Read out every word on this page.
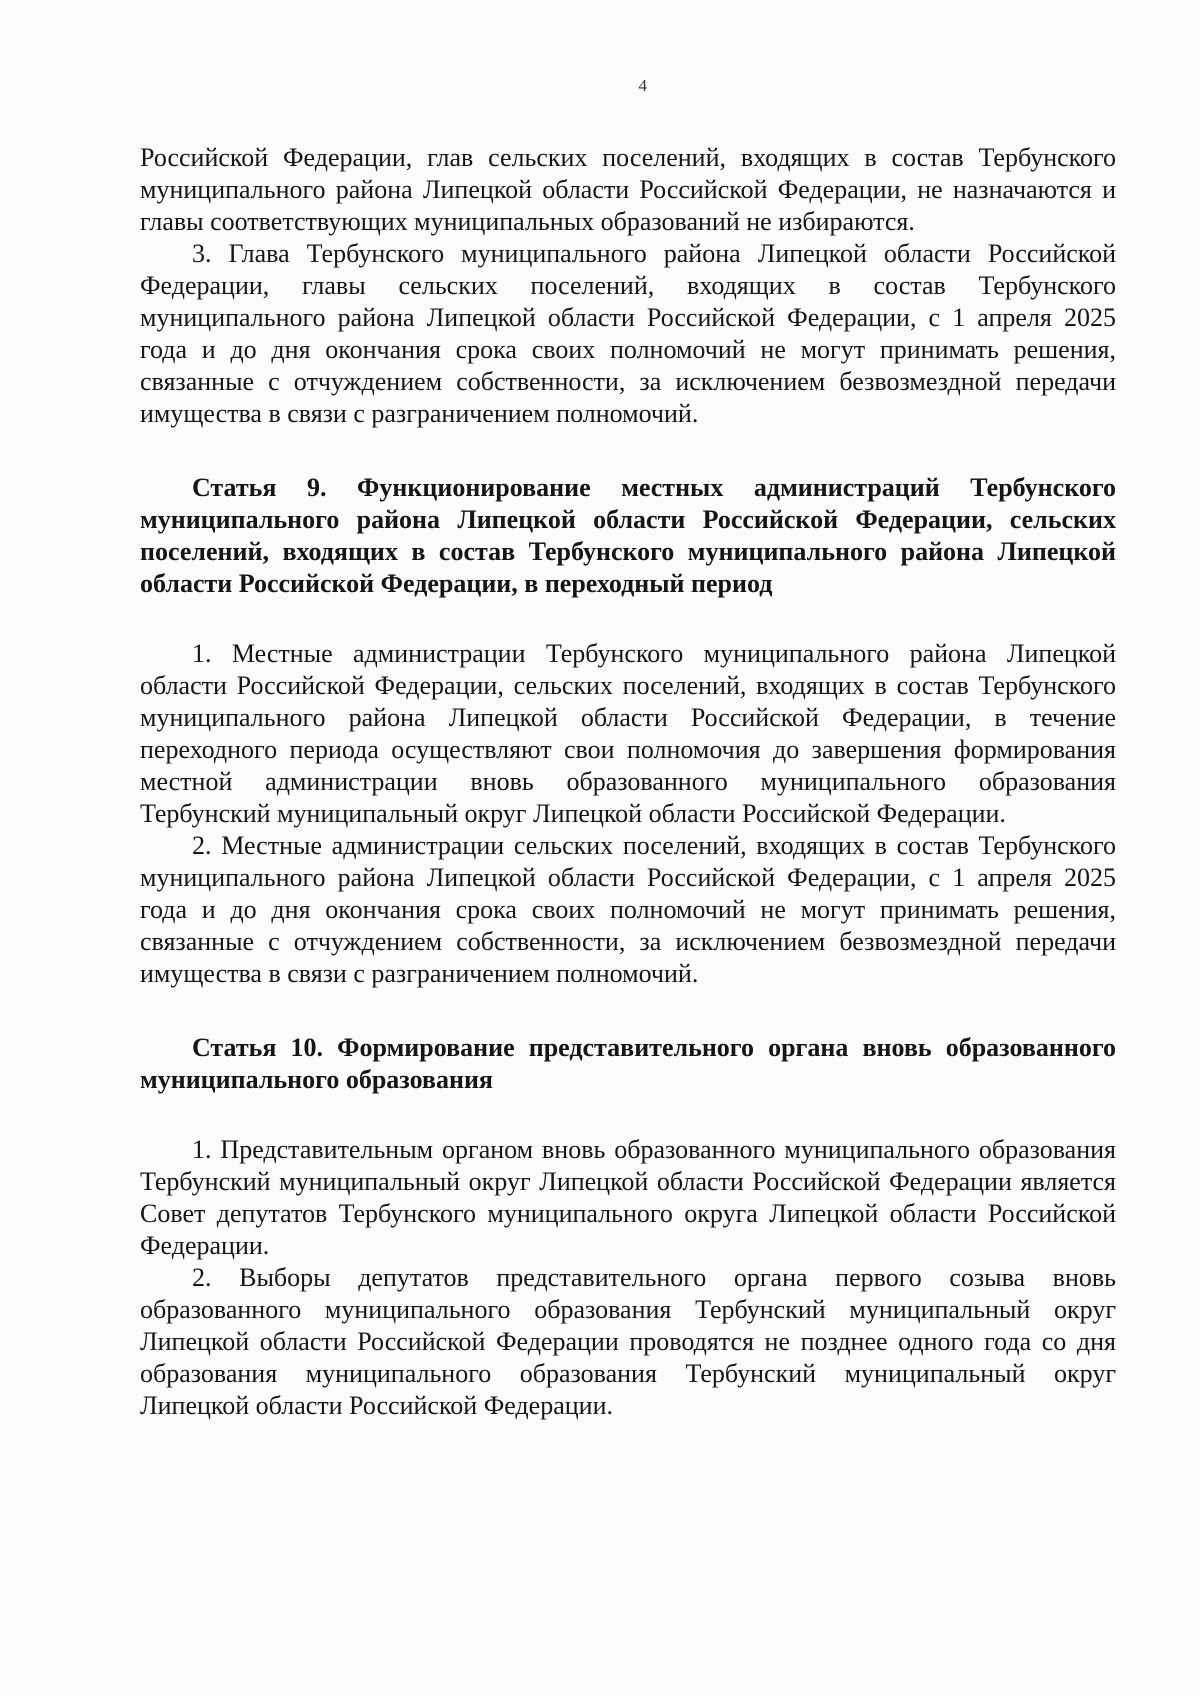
4

Российской Федерации, глав сельских поселений, входящих в состав Тербунского муниципального района Липецкой области Российской Федерации, не назначаются и главы соответствующих муниципальных образований не избираются.

3. Глава Тербунского муниципального района Липецкой области Российской Федерации, главы сельских поселений, входящих в состав Тербунского муниципального района Липецкой области Российской Федерации, с 1 апреля 2025 года и до дня окончания срока своих полномочий не могут принимать решения, связанные с отчуждением собственности, за исключением безвозмездной передачи имущества в связи с разграничением полномочий.

Статья 9. Функционирование местных администраций Тербунского муниципального района Липецкой области Российской Федерации, сельских поселений, входящих в состав Тербунского муниципального района Липецкой области Российской Федерации, в переходный период

1. Местные администрации Тербунского муниципального района Липецкой области Российской Федерации, сельских поселений, входящих в состав Тербунского муниципального района Липецкой области Российской Федерации, в течение переходного периода осуществляют свои полномочия до завершения формирования местной администрации вновь образованного муниципального образования Тербунский муниципальный округ Липецкой области Российской Федерации.

2. Местные администрации сельских поселений, входящих в состав Тербунского муниципального района Липецкой области Российской Федерации, с 1 апреля 2025 года и до дня окончания срока своих полномочий не могут принимать решения, связанные с отчуждением собственности, за исключением безвозмездной передачи имущества в связи с разграничением полномочий.

Статья 10. Формирование представительного органа вновь образованного муниципального образования

1. Представительным органом вновь образованного муниципального образования Тербунский муниципальный округ Липецкой области Российской Федерации является Совет депутатов Тербунского муниципального округа Липецкой области Российской Федерации.

2. Выборы депутатов представительного органа первого созыва вновь образованного муниципального образования Тербунский муниципальный округ Липецкой области Российской Федерации проводятся не позднее одного года со дня образования муниципального образования Тербунский муниципальный округ Липецкой области Российской Федерации.
